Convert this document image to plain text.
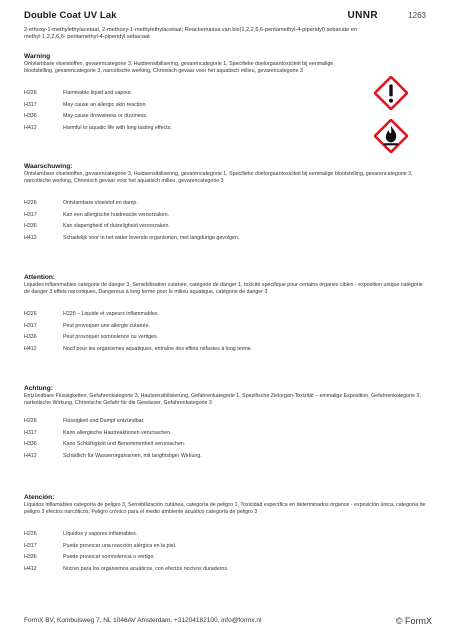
Double Coat UV Lak	UNNR	1263
2-ethoxy-1-methylethylacetaat, 2-methoxy-1-methylethylacetaat; Reactiemassa van bis(1,2,2,6,6-pentamethyl-4-piperidyl) sebacate en methyl 1,2,2,6,6- pentamethyl-4-piperidyl sebacaat

Warning
Ontvlambare vloeistoffen, gevarencategorie 3, Huidsensibilisering, gevarencategorie 1, Specifieke doelorgaantoxiciteit bij eenmalige blootstelling, gevarencategorie 3, narcotische werking, Chronisch gevaar voor het aquatisch milieu, gevarencategorie 3
H226	Flammable liquid and vapour.
H317	May cause an allergic skin reaction.
H336	May cause drowsiness or dizziness.
H412	Harmful to aquatic life with long lasting effects.
Waarschuwing:
Ontvlambare vloeistoffen, gevarencategorie 3, Huidsensibilisering, gevarencategorie 1, Specifieke doelorgaantoxiciteit bij eenmalige blootstelling, gevarencategorie 3, narcotische werking, Chronisch gevaar voor het aquatisch milieu, gevarencategorie 3
H226	Ontvlambare vloeistof en damp.
H317	Kan een allergische huidreactie veroorzaken.
H336	Kan slaperigheid of duizeligheid veroorzaken.
H412	Schadelijk voor in het water levende organismen, met langdurige gevolgen.
Attention:
Liquides inflammables catégorie de danger 3, Sensibilisation cutanée, catégorie de danger 1, toxicité spécifique pour certains organes cibles - exposition unique catégorie de danger 3 effets narcotiques, Dangereux à long terme pour le milieu aquatique, catégorie de danger 3
H226	H226 – Liquide et vapeurs inflammables.
H317	Peut provoquer une allergie cutanée.
H336	Peut provoquer somnolence ou vertiges.
H412	Nocif pour les organismes aquatiques, entraîne des effets néfastes à long terme.
Achtung:
Entzündbare Flüssigkeiten, Gefahrenkategorie 3, Hautsensibilisierung, Gefahrenkategorie 1, Spezifische Zielorgan-Toxizität – einmalige Exposition, Gefahrenkategorie 3, narkotische Wirkung, Chronische Gefahr für die Gewässer, Gefahrenkategorie 3
H226	Flüssigkeit und Dampf entzündbar.
H317	Kann allergische Hautreaktionen verursachen.
H336	Kann Schläfrigkeit und Benommenheit verursachen.
H412	Schädlich für Wasserorganismen, mit langfristiger Wirkung.
Atención:
Líquidos inflamables categoría de peligro 3, Sensibilización cutánea, categoría de peligro 1, Toxicidad específica en determinados órganos - exposición única, categoría de peligro 3 efectos narcóticos, Peligro crónico para el medio ambiente acuático categoría de peligro 3
H226	Líquidos y vapores inflamables.
H317	Puede provocar una reacción alérgica en la piel.
H336	Puede provocar somnolencia o vértigo.
H412	Nocivo para los organismos acuáticos, con efectos nocivos duraderos.
FormX BV, Kombuisweg 7, NL 1046AV Amsterdam, +31204182100, info@formx.nl	© FormX
